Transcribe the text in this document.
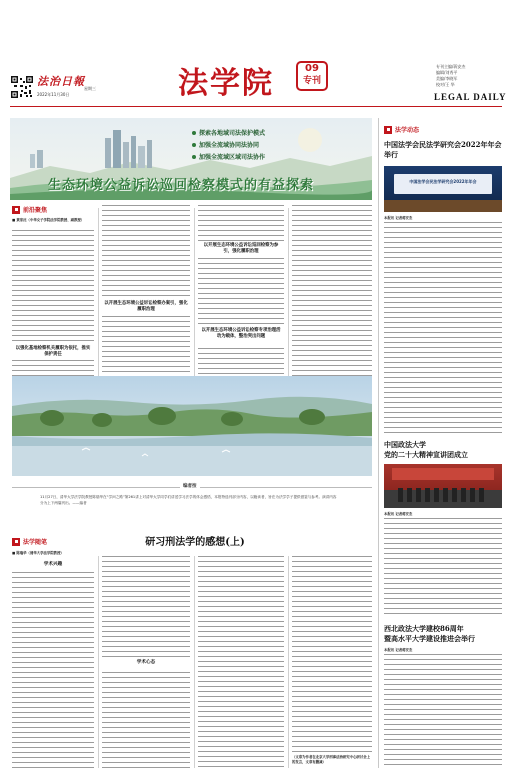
法治日報
星期三
2022年11月30日	法学院	09
专刊
专刊主编/蒋安杰
编辑/刘秀平
美编/李晓军
校对/王 华
LEGAL DAILY
探索各地域司法保护模式
加强全流域协同法协同
加强全流域区域司法协作
生态环境公益诉讼巡回检察模式的有益探索
前沿聚焦
■ 黄家沈（中华女子学院法学院教授、副教授）
以强化基地检察机关履职为依托，推实保护责任
以开展生态环境公益诉讼检察办案引，强化履职治理
以开展生态环境公益诉讼巡回检察为参引，强化履职治理
以开展生态环境公益诉讼检察专项治理活动为载体，整治突出问题
法学动态
中国法学会民法学研究会2022年年会举行
中国法学会民法学研究会2022年年会
本报讯 记者蒋安杰
中国政法大学
党的二十大精神宣讲团成立
本报讯 记者蒋安杰
西北政法大学建校86周年
暨高水平大学建设推进会举行
本报讯 记者蒋安杰
编者按
11月27日，清华大学法学院教授陈瑞华在“学问之路”第261讲上对清华大学同学们讲述学习法学的体会感悟，本报特选刊部分内容，以飨读者，旨在为法学学子提供借鉴与参考。演讲内容分为上下两篇刊出。——编者
法学随笔	研习刑法学的感想(上)
■ 陈瑞华（清华大学法学院教授）
学术兴趣
学术心态
（文章为作者在北京大学刑事法治研究中心研讨会上的发言，文章有删减）
